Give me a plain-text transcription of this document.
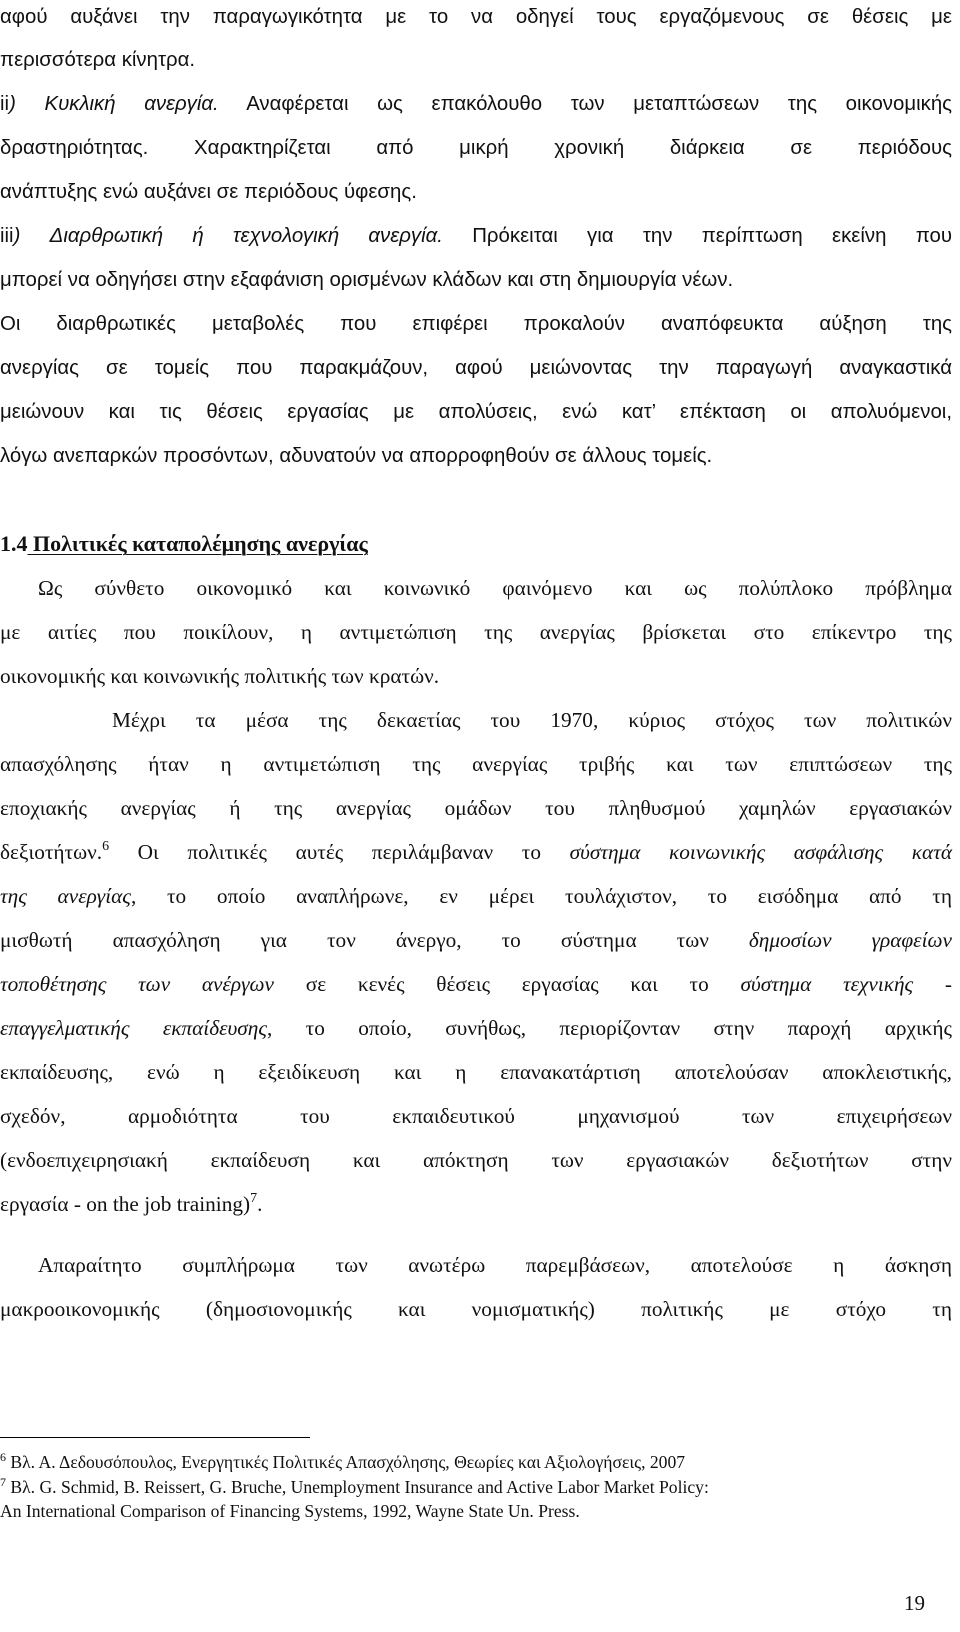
αφού αυξάνει την παραγωγικότητα με το να οδηγεί τους εργαζόμενους σε θέσεις με

περισσότερα κίνητρα.

ii) Κυκλική ανεργία. Αναφέρεται ως επακόλουθο των μεταπτώσεων της οικονομικής

δραστηριότητας. Χαρακτηρίζεται από μικρή χρονική διάρκεια σε περιόδους

ανάπτυξης ενώ αυξάνει σε περιόδους ύφεσης.

iii) Διαρθρωτική ή τεχνολογική ανεργία. Πρόκειται για την περίπτωση εκείνη που

μπορεί να οδηγήσει στην εξαφάνιση ορισμένων κλάδων και στη δημιουργία νέων.

Οι διαρθρωτικές μεταβολές που επιφέρει προκαλούν αναπόφευκτα αύξηση της

ανεργίας σε τομείς που παρακμάζουν, αφού μειώνοντας την παραγωγή αναγκαστικά

μειώνουν και τις θέσεις εργασίας με απολύσεις, ενώ κατ’ επέκταση οι απολυόμενοι,

λόγω ανεπαρκών προσόντων, αδυνατούν να απορροφηθούν σε άλλους τομείς.

1.4 Πολιτικές καταπολέμησης ανεργίας

Ως σύνθετο οικονομικό και κοινωνικό φαινόμενο και ως πολύπλοκο πρόβλημα

με αιτίες που ποικίλουν, η αντιμετώπιση της ανεργίας βρίσκεται στο επίκεντρο της

οικονομικής και κοινωνικής πολιτικής των κρατών.

Μέχρι τα μέσα της δεκαετίας του 1970, κύριος στόχος των πολιτικών

απασχόλησης ήταν η αντιμετώπιση της ανεργίας τριβής και των επιπτώσεων της

εποχιακής ανεργίας ή της ανεργίας ομάδων του πληθυσμού χαμηλών εργασιακών

δεξιοτήτων.$^6$ Οι πολιτικές αυτές περιλάμβαναν το σύστημα κοινωνικής ασφάλισης κατά

της ανεργίας, το οποίο αναπλήρωνε, εν μέρει τουλάχιστον, το εισόδημα από τη

μισθωτή απασχόληση για τον άνεργο, το σύστημα των δημοσίων γραφείων

τοποθέτησης των ανέργων σε κενές θέσεις εργασίας και το σύστημα τεχνικής -

επαγγελματικής εκπαίδευσης, το οποίο, συνήθως, περιορίζονταν στην παροχή αρχικής

εκπαίδευσης, ενώ η εξειδίκευση και η επανακατάρτιση αποτελούσαν αποκλειστικής,

σχεδόν, αρμοδιότητα του εκπαιδευτικού μηχανισμού των επιχειρήσεων

(ενδοεπιχειρησιακή εκπαίδευση και απόκτηση των εργασιακών δεξιοτήτων στην

εργασία - on the job training)$^7$.

Απαραίτητο συμπλήρωμα των ανωτέρω παρεμβάσεων, αποτελούσε η άσκηση

μακροοικονομικής (δημοσιονομικής και νομισματικής) πολιτικής με στόχο τη

$^6$ Βλ. Α. Δεδουσόπουλος, Ενεργητικές Πολιτικές Απασχόλησης, Θεωρίες και Αξιολογήσεις, 2007

$^7$ Βλ. G. Schmid, B. Reissert, G. Bruche, Unemployment Insurance and Active Labor Market Policy:

An International Comparison of Financing Systems, 1992, Wayne State Un. Press.

19
